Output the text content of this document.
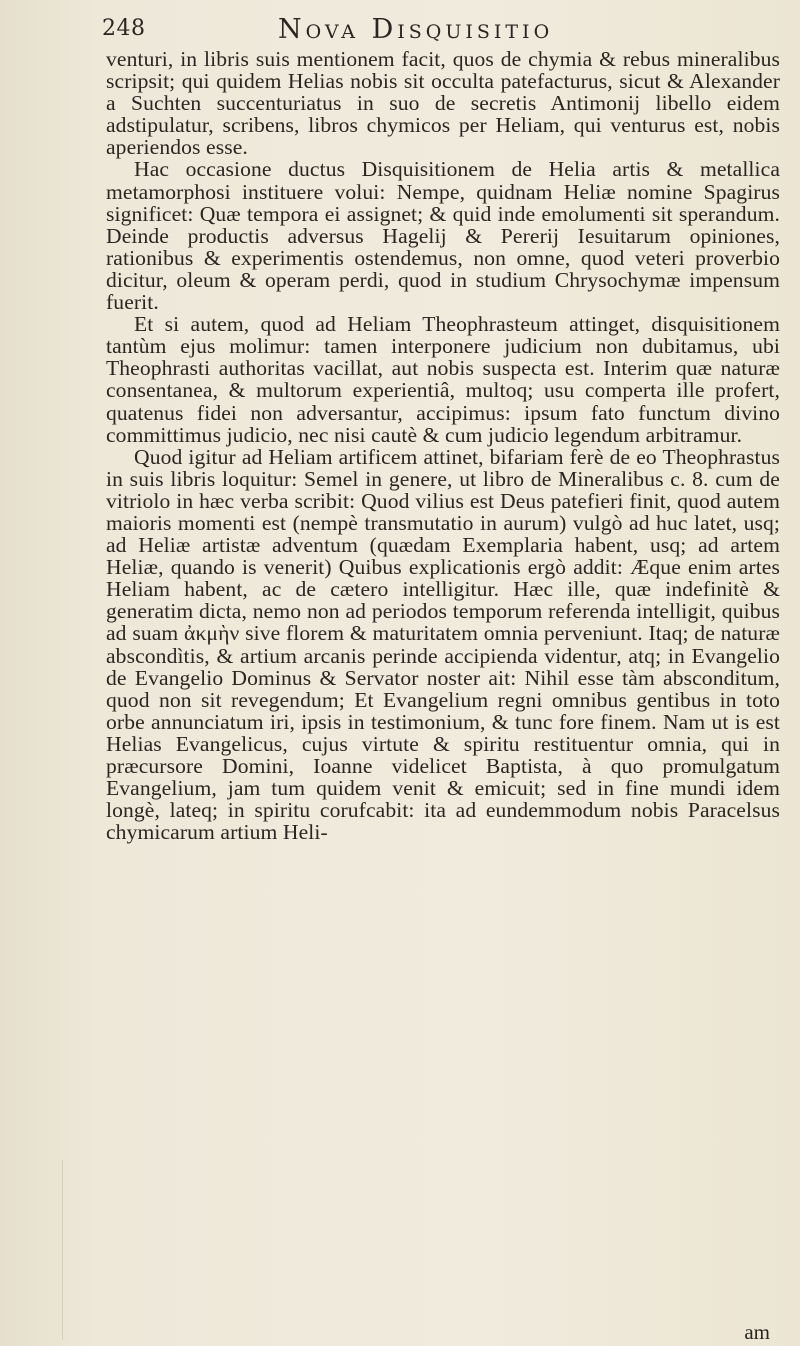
248	Nova Disquisitio

venturi, in libris suis mentionem facit, quos de chymia & rebus mineralibus scripsit; qui quidem Helias nobis sit occulta patefacturus, sicut & Alexander a Suchten succenturiatus in suo de secretis Antimonij libello eidem adstipulatur, scribens, libros chymicos per Heliam, qui venturus est, nobis aperiendos esse.

Hac occasione ductus Disquisitionem de Helia artis & metallica metamorphosi instituere volui: Nempe, quidnam Heliæ nomine Spagirus significet: Quæ tempora ei assignet; & quid inde emolumenti sit sperandum. Deinde productis adversus Hagelij & Pererij Iesuitarum opiniones, rationibus & experimentis ostendemus, non omne, quod veteri proverbio dicitur, oleum & operam perdi, quod in studium Chrysochymæ impensum fuerit.

Et si autem, quod ad Heliam Theophrasteum attinget, disquisitionem tantùm ejus molimur: tamen interponere judicium non dubitamus, ubi Theophrasti authoritas vacillat, aut nobis suspecta est. Interim quæ naturæ consentanea, & multorum experientiâ, multoq; usu comperta ille profert, quatenus fidei non adversantur, accipimus: ipsum fato functum divino committimus judicio, nec nisi cautè & cum judicio legendum arbitramur.

Quod igitur ad Heliam artificem attinet, bifariam ferè de eo Theophrastus in suis libris loquitur: Semel in genere, ut libro de Mineralibus c. 8. cum de vitriolo in hæc verba scribit: Quod vilius est Deus patefieri finit, quod autem maioris momenti est (nempè transmutatio in aurum) vulgò ad huc latet, usq; ad Heliæ artistæ adventum (quædam Exemplaria habent, usq; ad artem Heliæ, quando is venerit) Quibus explicationis ergò addit: Æque enim artes Heliam habent, ac de cætero intelligitur. Hæc ille, quæ indefinitè & generatim dicta, nemo non ad periodos temporum referenda intelligit, quibus ad suam ἀκμὴν sive florem & maturitatem omnia perveniunt. Itaq; de naturæ abscondìtis, & artium arcanis perinde accipienda videntur, atq; in Evangelio de Evangelio Dominus & Servator noster ait: Nihil esse tàm absconditum, quod non sit revegendum; Et Evangelium regni omnibus gentibus in toto orbe annunciatum iri, ipsis in testimonium, & tunc fore finem. Nam ut is est Helias Evangelicus, cujus virtute & spiritu restituentur omnia, qui in præcursore Domini, Ioanne videlicet Baptista, à quo promulgatum Evangelium, jam tum quidem venit & emicuit; sed in fine mundi idem longè, lateq; in spiritu corufcabit: ita ad eundemmodum nobis Paracelsus chymicarum artium Heli-

am
